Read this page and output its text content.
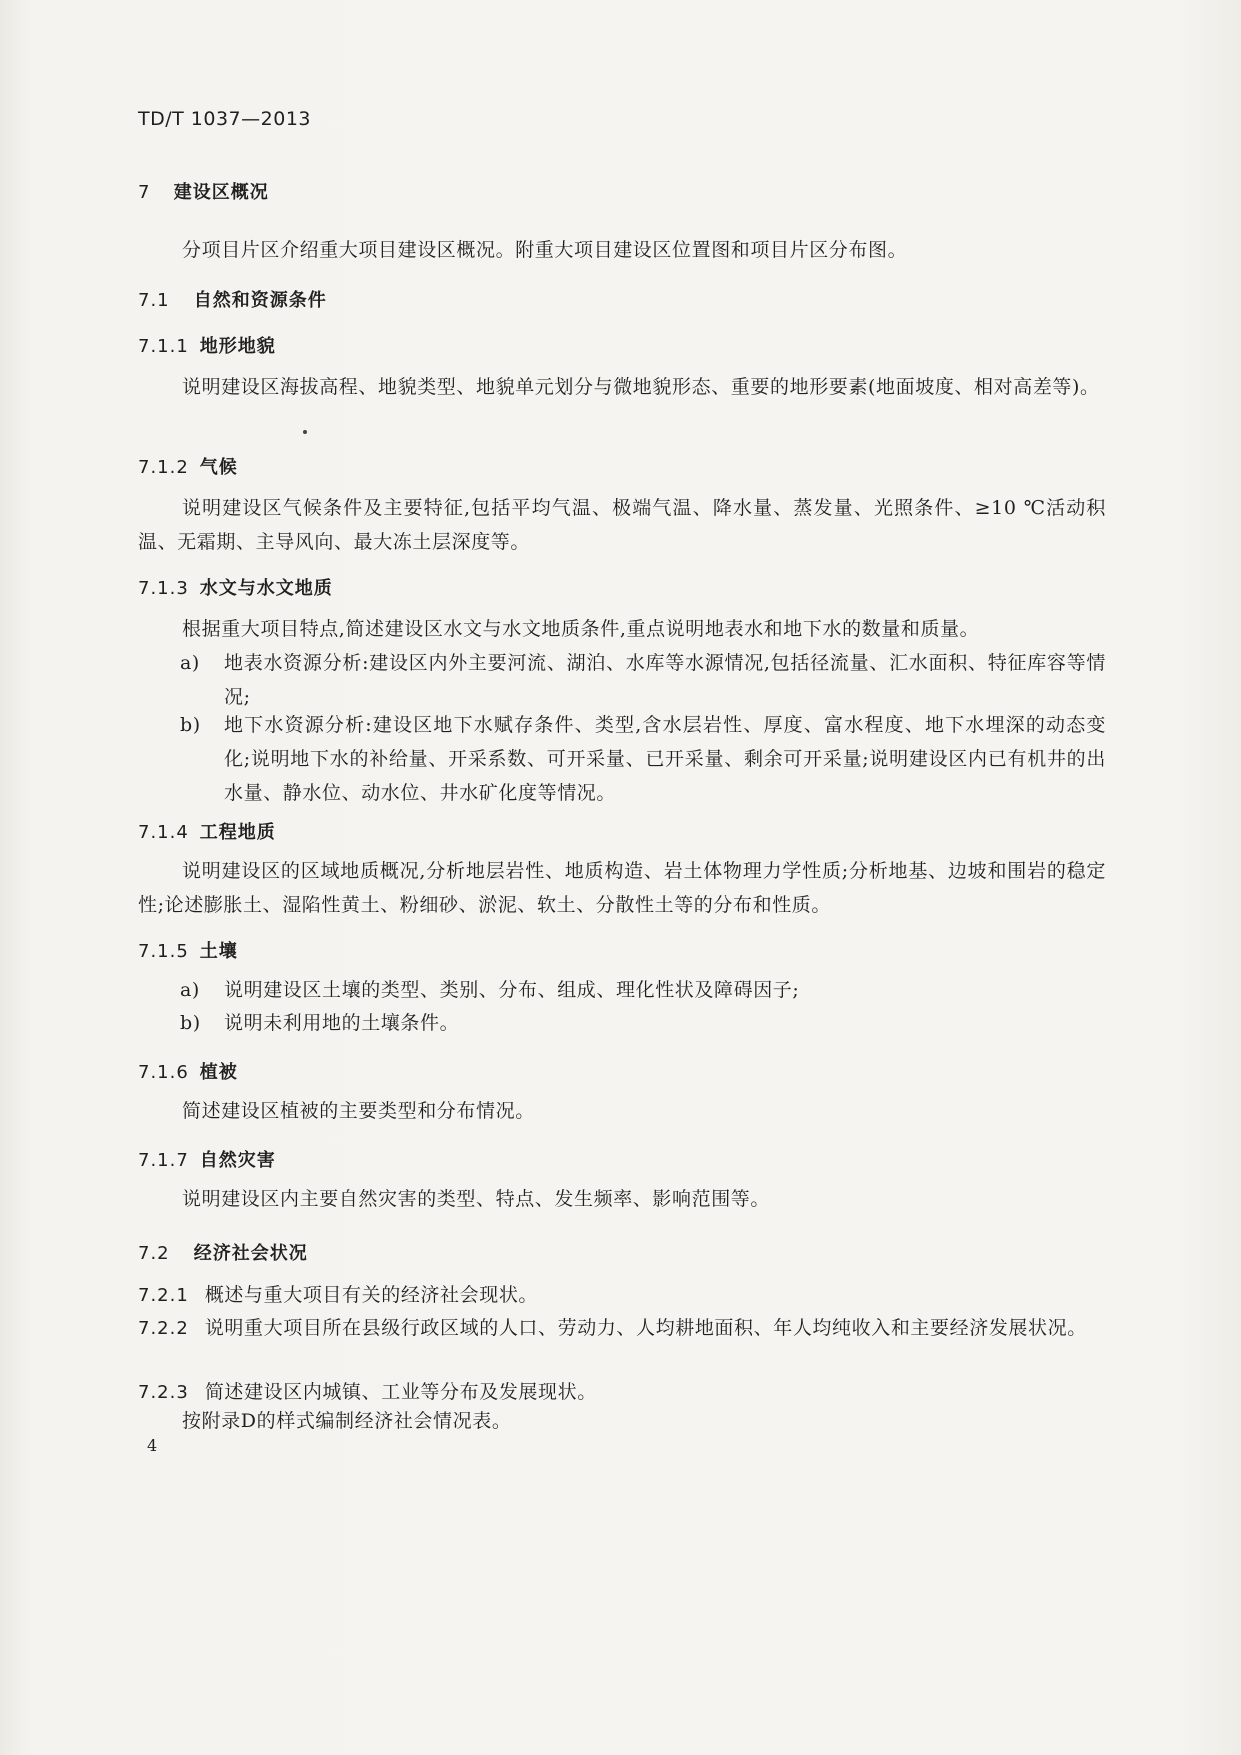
TD/T 1037—2013
7 建设区概况
分项目片区介绍重大项目建设区概况。附重大项目建设区位置图和项目片区分布图。
7.1 自然和资源条件
7.1.1 地形地貌
说明建设区海拔高程、地貌类型、地貌单元划分与微地貌形态、重要的地形要素(地面坡度、相对高差等)。
7.1.2 气候
说明建设区气候条件及主要特征,包括平均气温、极端气温、降水量、蒸发量、光照条件、≥10 ℃活动积温、无霜期、主导风向、最大冻土层深度等。
7.1.3 水文与水文地质
根据重大项目特点,简述建设区水文与水文地质条件,重点说明地表水和地下水的数量和质量。
a)	地表水资源分析:建设区内外主要河流、湖泊、水库等水源情况,包括径流量、汇水面积、特征库容等情况;
b)	地下水资源分析:建设区地下水赋存条件、类型,含水层岩性、厚度、富水程度、地下水埋深的动态变化;说明地下水的补给量、开采系数、可开采量、已开采量、剩余可开采量;说明建设区内已有机井的出水量、静水位、动水位、井水矿化度等情况。
7.1.4 工程地质
说明建设区的区域地质概况,分析地层岩性、地质构造、岩土体物理力学性质;分析地基、边坡和围岩的稳定性;论述膨胀土、湿陷性黄土、粉细砂、淤泥、软土、分散性土等的分布和性质。
7.1.5 土壤
a)	说明建设区土壤的类型、类别、分布、组成、理化性状及障碍因子;
b)	说明未利用地的土壤条件。
7.1.6 植被
简述建设区植被的主要类型和分布情况。
7.1.7 自然灾害
说明建设区内主要自然灾害的类型、特点、发生频率、影响范围等。
7.2 经济社会状况
7.2.1 概述与重大项目有关的经济社会现状。
7.2.2 说明重大项目所在县级行政区域的人口、劳动力、人均耕地面积、年人均纯收入和主要经济发展状况。
7.2.3 简述建设区内城镇、工业等分布及发展现状。
按附录D的样式编制经济社会情况表。
4
